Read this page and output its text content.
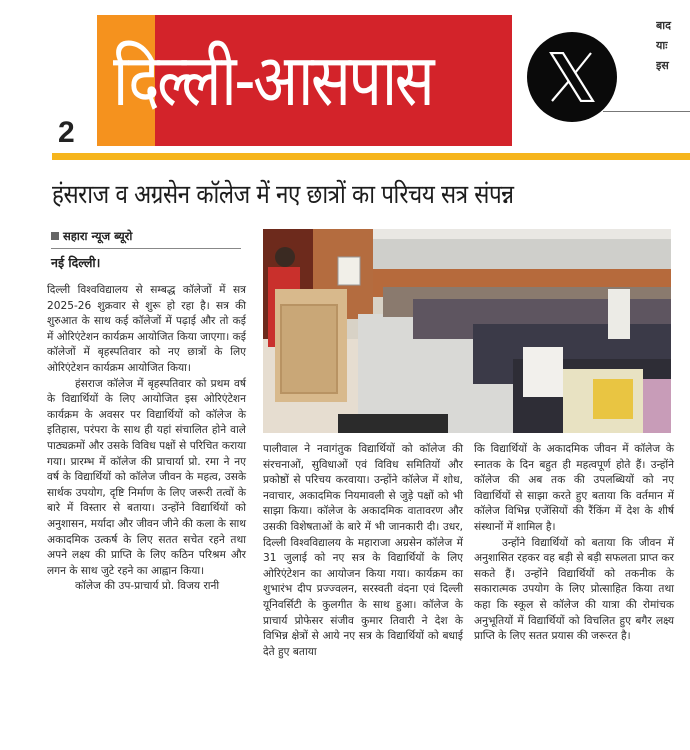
2
दिल्ली-आसपास
बाद
याः
इस
हंसराज व अग्रसेन कॉलेज में नए छात्रों का परिचय सत्र संपन्न
सहारा न्यूज ब्यूरो
नई दिल्ली।

दिल्ली विश्वविद्यालय से सम्बद्ध कॉलेजों में सत्र 2025-26 शुक्रवार से शुरू हो रहा है। सत्र की शुरुआत के साथ कई कॉलेजों में पढ़ाई और तो कई में ओरिएंटेशन कार्यक्रम आयोजित किया जाएगा। कई कॉलेजों में बृहस्पतिवार को नए छात्रों के लिए ओरिएंटेशन कार्यक्रम आयोजित किया।

हंसराज कॉलेज में बृहस्पतिवार को प्रथम वर्ष के विद्यार्थियों के लिए आयोजित इस ओरिएंटेशन कार्यक्रम के अवसर पर विद्यार्थियों को कॉलेज के इतिहास, परंपरा के साथ ही यहां संचालित होने वाले पाठ्यक्रमों और उसके विविध पक्षों से परिचित कराया गया। प्रारम्भ में कॉलेज की प्राचार्या प्रो. रमा ने नए वर्ष के विद्यार्थियों को कॉलेज जीवन के महत्व, उसके सार्थक उपयोग, दृष्टि निर्माण के लिए जरूरी तत्वों के बारे में विस्तार से बताया। उन्होंने विद्यार्थियों को अनुशासन, मर्यादा और जीवन जीने की कला के साथ अकादमिक उत्कर्ष के लिए सतत सचेत रहने तथा अपने लक्ष्य की प्राप्ति के लिए कठिन परिश्रम और लगन के साथ जुटे रहने का आह्वान किया।

कॉलेज की उप-प्राचार्य प्रो. विजय रानी

पालीवाल ने नवागंतुक विद्यार्थियों को कॉलेज की संरचनाओं, सुविधाओं एवं विविध समितियों और प्रकोष्ठों से परिचय करवाया। उन्होंने कॉलेज में शोध, नवाचार, अकादमिक नियमावली से जुड़े पक्षों को भी साझा किया। कॉलेज के अकादमिक वातावरण और उसकी विशेषताओं के बारे में भी जानकारी दी। उधर, दिल्ली विश्वविद्यालय के महाराजा अग्रसेन कॉलेज में 31 जुलाई को नए सत्र के विद्यार्थियों के लिए ओरिएंटेशन का आयोजन किया गया। कार्यक्रम का शुभारंभ दीप प्रज्ज्वलन, सरस्वती वंदना एवं दिल्ली यूनिवर्सिटी के कुलगीत के साथ हुआ। कॉलेज के प्राचार्य प्रोफेसर संजीव कुमार तिवारी ने देश के विभिन्न क्षेत्रों से आये नए सत्र के विद्यार्थियों को बधाई देते हुए बताया

कि विद्यार्थियों के अकादमिक जीवन में कॉलेज के स्नातक के दिन बहुत ही महत्वपूर्ण होते हैं। उन्होंने कॉलेज की अब तक की उपलब्धियों को नए विद्यार्थियों से साझा करते हुए बताया कि वर्तमान में कॉलेज विभिन्न एजेंसियों की रैंकिंग में देश के शीर्ष संस्थानों में शामिल है।

उन्होंने विद्यार्थियों को बताया कि जीवन में अनुशासित रहकर वह बड़ी से बड़ी सफलता प्राप्त कर सकते हैं। उन्होंने विद्यार्थियों को तकनीक के सकारात्मक उपयोग के लिए प्रोत्साहित किया तथा कहा कि स्कूल से कॉलेज की यात्रा की रोमांचक अनुभूतियों में विद्यार्थियों को विचलित हुए बगैर लक्ष्य प्राप्ति के लिए सतत प्रयास की जरूरत है।
